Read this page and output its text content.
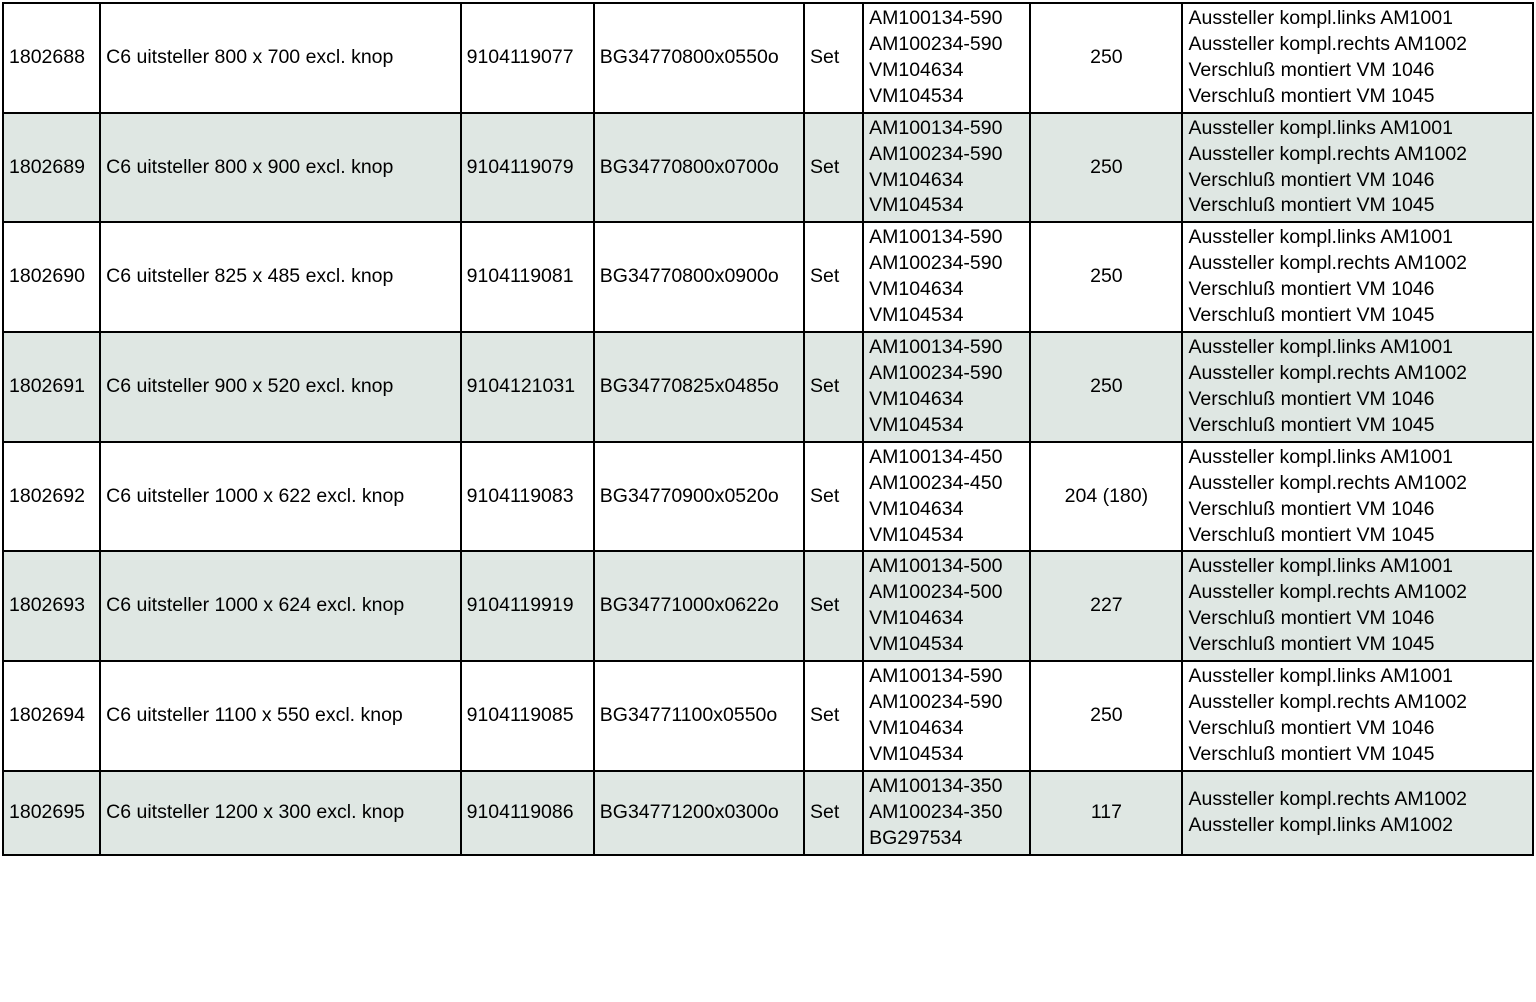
1802688	C6 uitsteller 800 x 700 excl. knop	9104119077	BG34770800x0550o	Set	AM100134-590
AM100234-590
VM104634
VM104534	250	Aussteller kompl.links AM1001
Aussteller kompl.rechts AM1002
Verschluß montiert VM 1046
Verschluß montiert VM 1045

1802689	C6 uitsteller 800 x 900 excl. knop	9104119079	BG34770800x0700o	Set	AM100134-590
AM100234-590
VM104634
VM104534	250	Aussteller kompl.links AM1001
Aussteller kompl.rechts AM1002
Verschluß montiert VM 1046
Verschluß montiert VM 1045

1802690	C6 uitsteller 825 x 485 excl. knop	9104119081	BG34770800x0900o	Set	AM100134-590
AM100234-590
VM104634
VM104534	250	Aussteller kompl.links AM1001
Aussteller kompl.rechts AM1002
Verschluß montiert VM 1046
Verschluß montiert VM 1045

1802691	C6 uitsteller 900 x 520 excl. knop	9104121031	BG34770825x0485o	Set	AM100134-590
AM100234-590
VM104634
VM104534	250	Aussteller kompl.links AM1001
Aussteller kompl.rechts AM1002
Verschluß montiert VM 1046
Verschluß montiert VM 1045

1802692	C6 uitsteller 1000 x 622 excl. knop	9104119083	BG34770900x0520o	Set	AM100134-450
AM100234-450
VM104634
VM104534	204 (180)	Aussteller kompl.links AM1001
Aussteller kompl.rechts AM1002
Verschluß montiert VM 1046
Verschluß montiert VM 1045

1802693	C6 uitsteller 1000 x 624 excl. knop	9104119919	BG34771000x0622o	Set	AM100134-500
AM100234-500
VM104634
VM104534	227	Aussteller kompl.links AM1001
Aussteller kompl.rechts AM1002
Verschluß montiert VM 1046
Verschluß montiert VM 1045

1802694	C6 uitsteller 1100 x 550 excl. knop	9104119085	BG34771100x0550o	Set	AM100134-590
AM100234-590
VM104634
VM104534	250	Aussteller kompl.links AM1001
Aussteller kompl.rechts AM1002
Verschluß montiert VM 1046
Verschluß montiert VM 1045

1802695	C6 uitsteller 1200 x 300 excl. knop	9104119086	BG34771200x0300o	Set	AM100134-350
AM100234-350
BG297534	117	Aussteller kompl.rechts AM1002
Aussteller kompl.links AM1002
